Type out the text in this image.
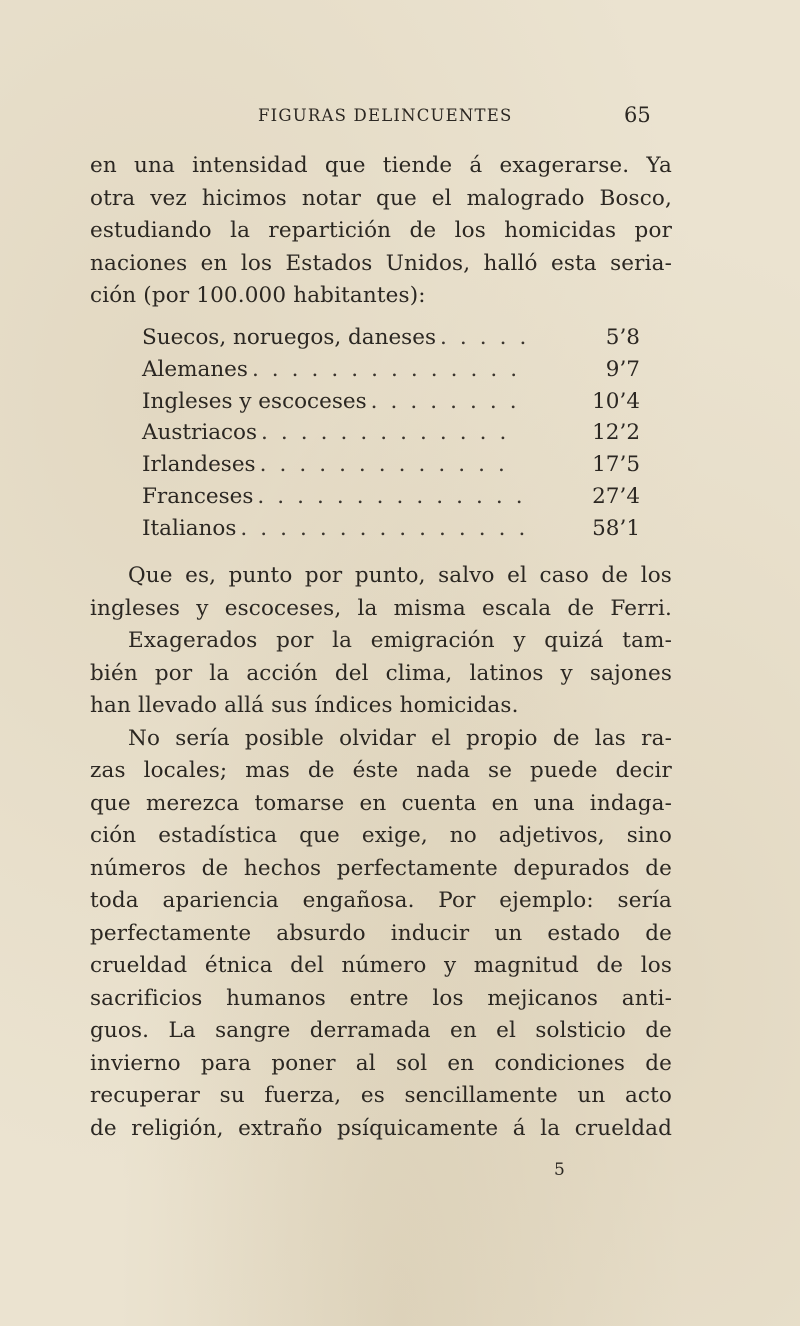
FIGURAS DELINCUENTES	65
en una intensidad que tiende á exagerarse. Ya
otra vez hicimos notar que el malogrado Bosco,
estudiando la repartición de los homicidas por
naciones en los Estados Unidos, halló esta seria-
ción (por 100.000 habitantes):
Suecos, noruegos, daneses . . . . .	5’8
Alemanes . . . . . . . . . . . . . .	9’7
Ingleses y escoceses . . . . . . . .	10’4
Austriacos . . . . . . . . . . . . .	12’2
Irlandeses . . . . . . . . . . . . .	17’5
Franceses . . . . . . . . . . . . . .	27’4
Italianos . . . . . . . . . . . . . . .	58’1
Que es, punto por punto, salvo el caso de los
ingleses y escoceses, la misma escala de Ferri.
Exagerados por la emigración y quizá tam-
bién por la acción del clima, latinos y sajones
han llevado allá sus índices homicidas.
No sería posible olvidar el propio de las ra-
zas locales; mas de éste nada se puede decir
que merezca tomarse en cuenta en una indaga-
ción estadística que exige, no adjetivos, sino
números de hechos perfectamente depurados de
toda apariencia engañosa. Por ejemplo: sería
perfectamente absurdo inducir un estado de
crueldad étnica del número y magnitud de los
sacrificios humanos entre los mejicanos anti-
guos. La sangre derramada en el solsticio de
invierno para poner al sol en condiciones de
recuperar su fuerza, es sencillamente un acto
de religión, extraño psíquicamente á la crueldad
5
